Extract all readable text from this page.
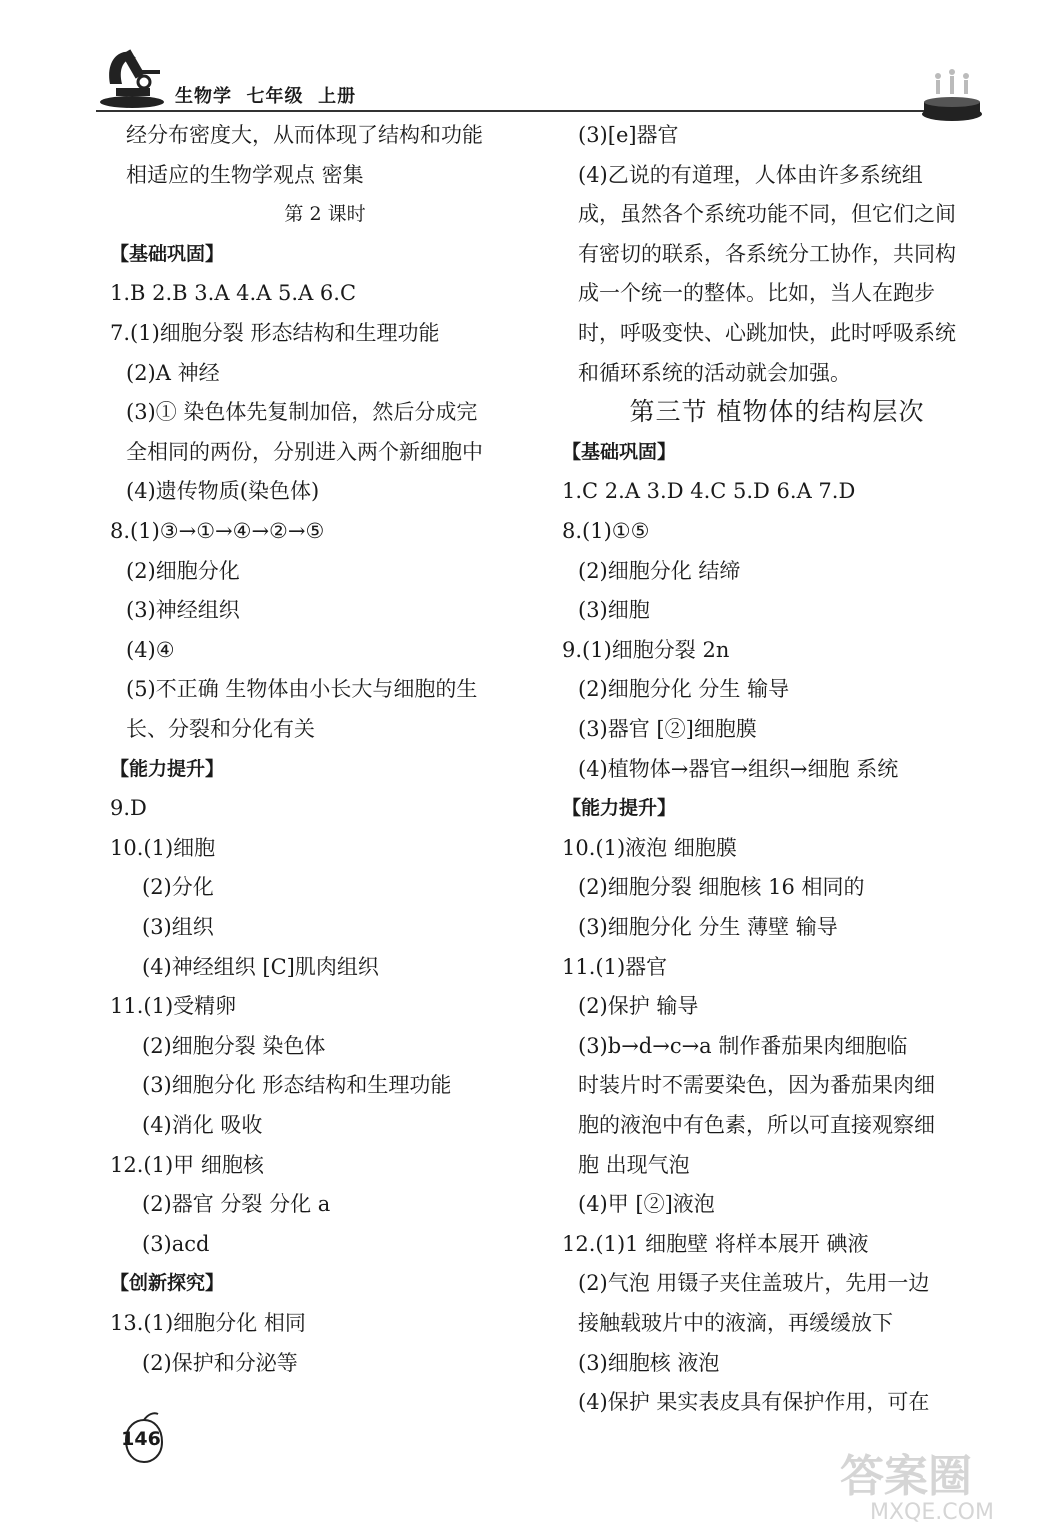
生物学  七年级  上册
经分布密度大，从而体现了结构和功能
相适应的生物学观点 密集
第 2 课时
【基础巩固】
1.B 2.B 3.A 4.A 5.A 6.C
7.(1)细胞分裂 形态结构和生理功能
(2)A 神经
(3)① 染色体先复制加倍，然后分成完
全相同的两份，分别进入两个新细胞中
(4)遗传物质(染色体)
8.(1)③→①→④→②→⑤
(2)细胞分化
(3)神经组织
(4)④
(5)不正确 生物体由小长大与细胞的生
长、分裂和分化有关
【能力提升】
9.D
10.(1)细胞
(2)分化
(3)组织
(4)神经组织 [C]肌肉组织
11.(1)受精卵
(2)细胞分裂 染色体
(3)细胞分化 形态结构和生理功能
(4)消化 吸收
12.(1)甲 细胞核
(2)器官 分裂 分化 a
(3)acd
【创新探究】
13.(1)细胞分化 相同
(2)保护和分泌等
(3)[e]器官
(4)乙说的有道理，人体由许多系统组
成，虽然各个系统功能不同，但它们之间
有密切的联系，各系统分工协作，共同构
成一个统一的整体。比如，当人在跑步
时，呼吸变快、心跳加快，此时呼吸系统
和循环系统的活动就会加强。
第三节 植物体的结构层次
【基础巩固】
1.C 2.A 3.D 4.C 5.D 6.A 7.D
8.(1)①⑤
(2)细胞分化 结缔
(3)细胞
9.(1)细胞分裂 2n
(2)细胞分化 分生 输导
(3)器官 [②]细胞膜
(4)植物体→器官→组织→细胞 系统
【能力提升】
10.(1)液泡 细胞膜
(2)细胞分裂 细胞核 16 相同的
(3)细胞分化 分生 薄壁 输导
11.(1)器官
(2)保护 输导
(3)b→d→c→a 制作番茄果肉细胞临
时装片时不需要染色，因为番茄果肉细
胞的液泡中有色素，所以可直接观察细
胞 出现气泡
(4)甲 [②]液泡
12.(1)1 细胞壁 将样本展开 碘液
(2)气泡 用镊子夹住盖玻片，先用一边
接触载玻片中的液滴，再缓缓放下
(3)细胞核 液泡
(4)保护 果实表皮具有保护作用，可在
146
答案圈
MXQE.COM
